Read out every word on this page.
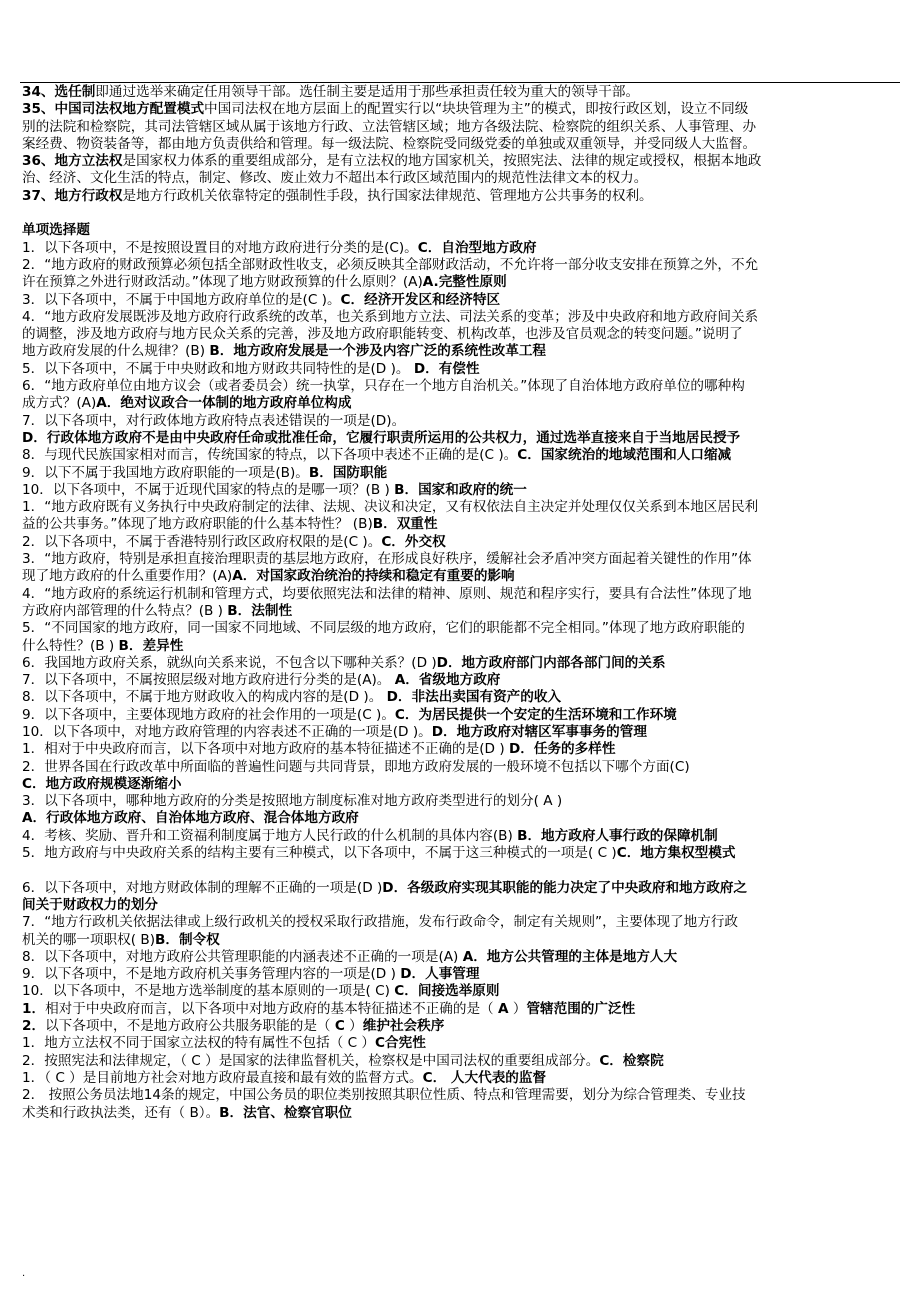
34、选任制即通过选举来确定任用领导干部。选任制主要是适用于那些承担责任较为重大的领导干部。
35、中国司法权地方配置模式中国司法权在地方层面上的配置实行以“块块管理为主”的模式，即按行政区划，设立不同级
别的法院和检察院，其司法管辖区域从属于该地方行政、立法管辖区域；地方各级法院、检察院的组织关系、人事管理、办
案经费、物资装备等，都由地方负责供给和管理。每一级法院、检察院受同级党委的单独或双重领导，并受同级人大监督。
36、地方立法权是国家权力体系的重要组成部分，是有立法权的地方国家机关，按照宪法、法律的规定或授权，根据本地政
治、经济、文化生活的特点，制定、修改、废止效力不超出本行政区域范围内的规范性法律文本的权力。
37、地方行政权是地方行政机关依靠特定的强制性手段，执行国家法律规范、管理地方公共事务的权利。
单项选择题
1．以下各项中，不是按照设置目的对地方政府进行分类的是(C)。C．自治型地方政府
2．“地方政府的财政预算必须包括全部财政性收支，必须反映其全部财政活动，不允许将一部分收支安排在预算之外，不允
许在预算之外进行财政活动。”体现了地方财政预算的什么原则？(A)A.完整性原则
3．以下各项中，不属于中国地方政府单位的是(C )。C．经济开发区和经济特区
4．“地方政府发展既涉及地方政府行政系统的改革，也关系到地方立法、司法关系的变革；涉及中央政府和地方政府间关系
的调整，涉及地方政府与地方民众关系的完善，涉及地方政府职能转变、机构改革，也涉及官员观念的转变问题。”说明了
地方政府发展的什么规律？(B) B．地方政府发展是一个涉及内容广泛的系统性改革工程
5．以下各项中，不属于中央财政和地方财政共同特性的是(D )。 D．有偿性
6．“地方政府单位由地方议会（或者委员会）统一执掌，只存在一个地方自治机关。”体现了自治体地方政府单位的哪种构
成方式？(A)A．绝对议政合一体制的地方政府单位构成
7．以下各项中，对行政体地方政府特点表述错误的一项是(D)。
D．行政体地方政府不是由中央政府任命或批准任命，它履行职责所运用的公共权力，通过选举直接来自于当地居民授予
8．与现代民族国家相对而言，传统国家的特点，以下各项中表述不正确的是(C )。C．国家统治的地域范围和人口缩减
9．以下不属于我国地方政府职能的一项是(B)。B．国防职能
10．以下各项中，不属于近现代国家的特点的是哪一项？(B ) B．国家和政府的统一
1．“地方政府既有义务执行中央政府制定的法律、法规、决议和决定，又有权依法自主决定并处理仅仅关系到本地区居民利
益的公共事务。”体现了地方政府职能的什么基本特性？ (B)B．双重性
2．以下各项中，不属于香港特别行政区政府权限的是(C )。C．外交权
3．“地方政府，特别是承担直接治理职责的基层地方政府，在形成良好秩序，缓解社会矛盾冲突方面起着关键性的作用”体
现了地方政府的什么重要作用？(A)A．对国家政治统治的持续和稳定有重要的影响
4．“地方政府的系统运行机制和管理方式，均要依照宪法和法律的精神、原则、规范和程序实行，要具有合法性”体现了地
方政府内部管理的什么特点？(B ) B．法制性
5．“不同国家的地方政府，同一国家不同地域、不同层级的地方政府，它们的职能都不完全相同。”体现了地方政府职能的
什么特性？(B ) B．差异性
6．我国地方政府关系，就纵向关系来说，不包含以下哪种关系？(D )D．地方政府部门内部各部门间的关系
7．以下各项中，不属按照层级对地方政府进行分类的是(A)。 A．省级地方政府
8．以下各项中，不属于地方财政收入的构成内容的是(D )。 D．非法出卖国有资产的收入
9．以下各项中，主要体现地方政府的社会作用的一项是(C )。C．为居民提供一个安定的生活环境和工作环境
10．以下各项中，对地方政府管理的内容表述不正确的一项是(D )。D．地方政府对辖区军事事务的管理
1．相对于中央政府而言，以下各项中对地方政府的基本特征描述不正确的是(D ) D．任务的多样性
2．世界各国在行政改革中所面临的普遍性问题与共同背景，即地方政府发展的一般环境不包括以下哪个方面(C)
C．地方政府规模逐渐缩小
3．以下各项中，哪种地方政府的分类是按照地方制度标准对地方政府类型进行的划分( A )
A．行政体地方政府、自治体地方政府、混合体地方政府
4．考核、奖励、晋升和工资福利制度属于地方人民行政的什么机制的具体内容(B) B．地方政府人事行政的保障机制
5．地方政府与中央政府关系的结构主要有三种模式，以下各项中，不属于这三种模式的一项是( C )C．地方集权型模式
6．以下各项中，对地方财政体制的理解不正确的一项是(D )D．各级政府实现其职能的能力决定了中央政府和地方政府之
间关于财政权力的划分
7．“地方行政机关依据法律或上级行政机关的授权采取行政措施，发布行政命令，制定有关规则”，主要体现了地方行政
机关的哪一项职权( B)B．制令权
8．以下各项中，对地方政府公共管理职能的内涵表述不正确的一项是(A) A．地方公共管理的主体是地方人大
9．以下各项中，不是地方政府机关事务管理内容的一项是(D ) D．人事管理
10．以下各项中，不是地方选举制度的基本原则的一项是( C) C．间接选举原则
1．相对于中央政府而言，以下各项中对地方政府的基本特征描述不正确的是（ A ）管辖范围的广泛性
2．以下各项中，不是地方政府公共服务职能的是（ C ）维护社会秩序
1．地方立法权不同于国家立法权的特有属性不包括（ C ）C合宪性
2．按照宪法和法律规定，（ C ）是国家的法律监督机关，检察权是中国司法权的重要组成部分。C．检察院
1．（ C ）是目前地方社会对地方政府最直接和最有效的监督方式。C． 人大代表的监督
2． 按照公务员法地14条的规定，中国公务员的职位类别按照其职位性质、特点和管理需要，划分为综合管理类、专业技
术类和行政执法类，还有（ B）。B．法官、检察官职位
.
